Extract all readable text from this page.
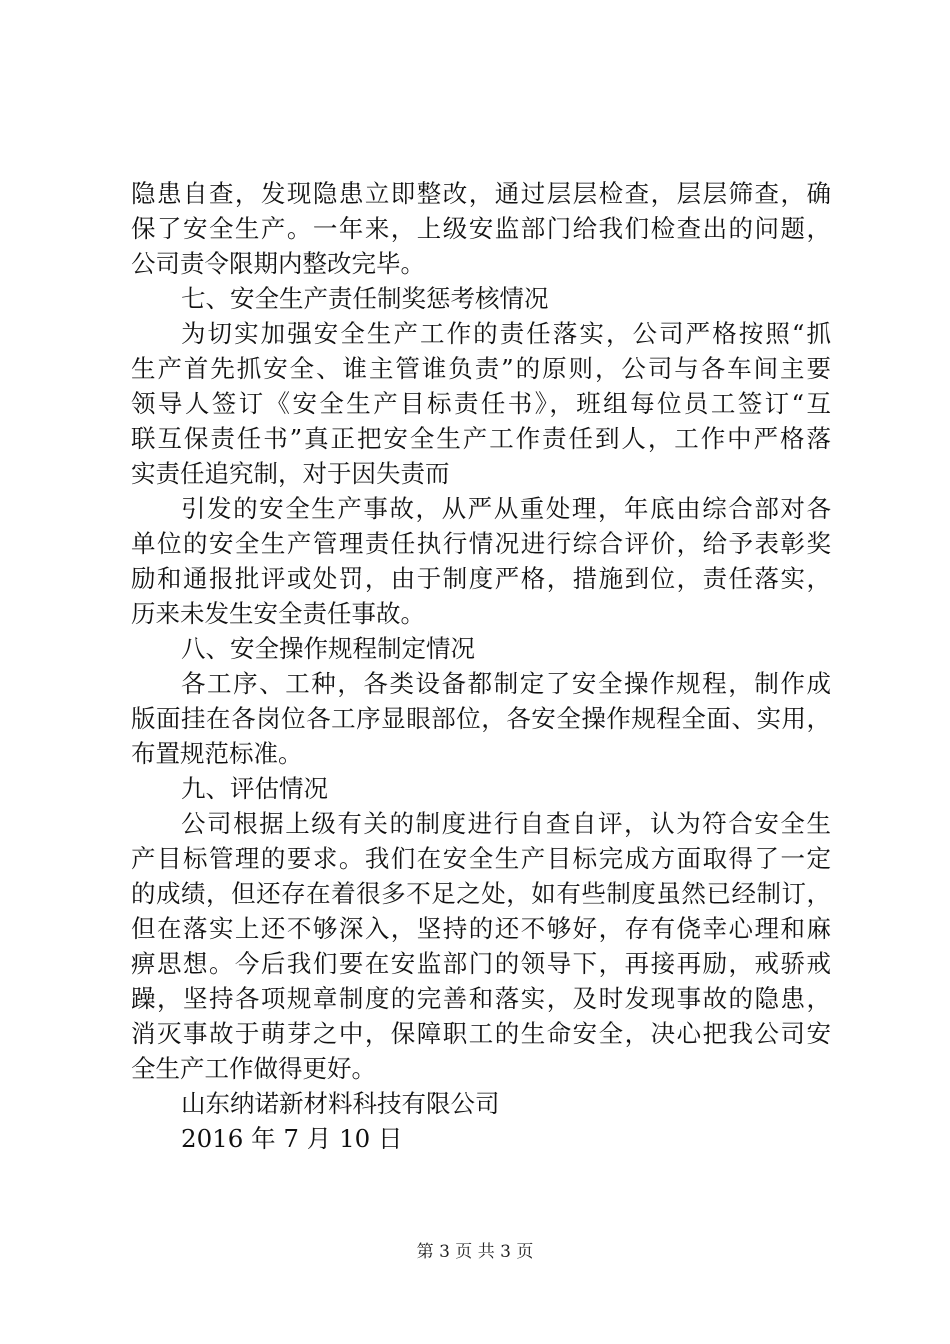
隐患自查，发现隐患立即整改，通过层层检查，层层筛查，确
保了安全生产。一年来，上级安监部门给我们检查出的问题，
公司责令限期内整改完毕。
七、安全生产责任制奖惩考核情况
为切实加强安全生产工作的责任落实，公司严格按照“抓
生产首先抓安全、谁主管谁负责”的原则，公司与各车间主要
领导人签订《安全生产目标责任书》，班组每位员工签订“互
联互保责任书”真正把安全生产工作责任到人，工作中严格落
实责任追究制，对于因失责而
引发的安全生产事故，从严从重处理，年底由综合部对各
单位的安全生产管理责任执行情况进行综合评价，给予表彰奖
励和通报批评或处罚，由于制度严格，措施到位，责任落实，
历来未发生安全责任事故。
八、安全操作规程制定情况
各工序、工种，各类设备都制定了安全操作规程，制作成
版面挂在各岗位各工序显眼部位，各安全操作规程全面、实用，
布置规范标准。
九、评估情况
公司根据上级有关的制度进行自查自评，认为符合安全生
产目标管理的要求。我们在安全生产目标完成方面取得了一定
的成绩，但还存在着很多不足之处，如有些制度虽然已经制订，
但在落实上还不够深入，坚持的还不够好，存有侥幸心理和麻
痹思想。今后我们要在安监部门的领导下，再接再励，戒骄戒
躁，坚持各项规章制度的完善和落实，及时发现事故的隐患，
消灭事故于萌芽之中，保障职工的生命安全，决心把我公司安
全生产工作做得更好。
山东纳诺新材料科技有限公司
2016 年 7 月 10 日
第 3 页 共 3 页
